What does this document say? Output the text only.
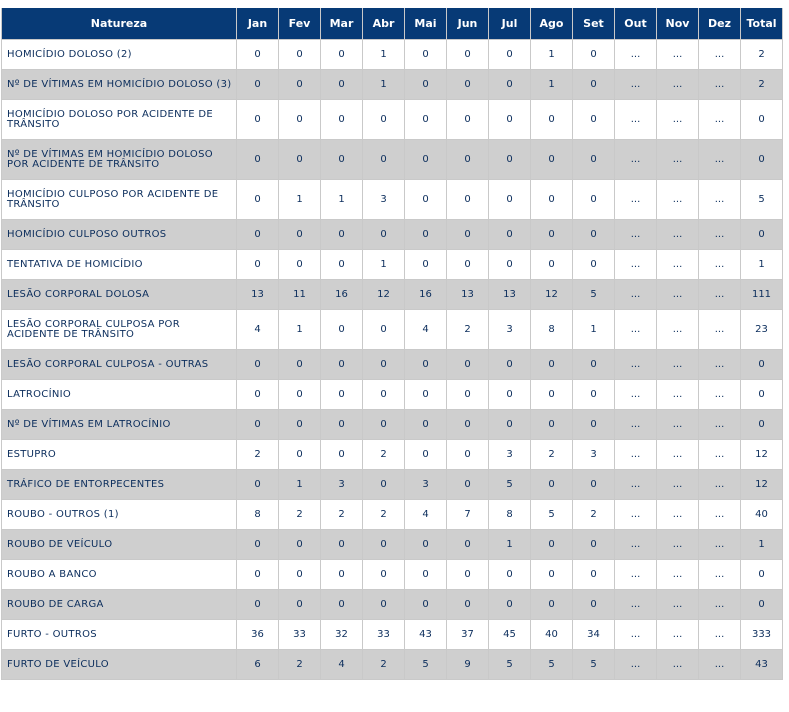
Natureza	Jan	Fev	Mar	Abr	Mai	Jun	Jul	Ago	Set	Out	Nov	Dez	Total
HOMICÍDIO DOLOSO (2)	0	0	0	1	0	0	0	1	0	...	...	...	2
Nº DE VÍTIMAS EM HOMICÍDIO DOLOSO (3)	0	0	0	1	0	0	0	1	0	...	...	...	2
HOMICÍDIO DOLOSO POR ACIDENTE DE TRÂNSITO	0	0	0	0	0	0	0	0	0	...	...	...	0
Nº DE VÍTIMAS EM HOMICÍDIO DOLOSO POR ACIDENTE DE TRÂNSITO	0	0	0	0	0	0	0	0	0	...	...	...	0
HOMICÍDIO CULPOSO POR ACIDENTE DE TRÂNSITO	0	1	1	3	0	0	0	0	0	...	...	...	5
HOMICÍDIO CULPOSO OUTROS	0	0	0	0	0	0	0	0	0	...	...	...	0
TENTATIVA DE HOMICÍDIO	0	0	0	1	0	0	0	0	0	...	...	...	1
LESÃO CORPORAL DOLOSA	13	11	16	12	16	13	13	12	5	...	...	...	111
LESÃO CORPORAL CULPOSA POR ACIDENTE DE TRÂNSITO	4	1	0	0	4	2	3	8	1	...	...	...	23
LESÃO CORPORAL CULPOSA - OUTRAS	0	0	0	0	0	0	0	0	0	...	...	...	0
LATROCÍNIO	0	0	0	0	0	0	0	0	0	...	...	...	0
Nº DE VÍTIMAS EM LATROCÍNIO	0	0	0	0	0	0	0	0	0	...	...	...	0
ESTUPRO	2	0	0	2	0	0	3	2	3	...	...	...	12
TRÁFICO DE ENTORPECENTES	0	1	3	0	3	0	5	0	0	...	...	...	12
ROUBO - OUTROS (1)	8	2	2	2	4	7	8	5	2	...	...	...	40
ROUBO DE VEÍCULO	0	0	0	0	0	0	1	0	0	...	...	...	1
ROUBO A BANCO	0	0	0	0	0	0	0	0	0	...	...	...	0
ROUBO DE CARGA	0	0	0	0	0	0	0	0	0	...	...	...	0
FURTO - OUTROS	36	33	32	33	43	37	45	40	34	...	...	...	333
FURTO DE VEÍCULO	6	2	4	2	5	9	5	5	5	...	...	...	43
